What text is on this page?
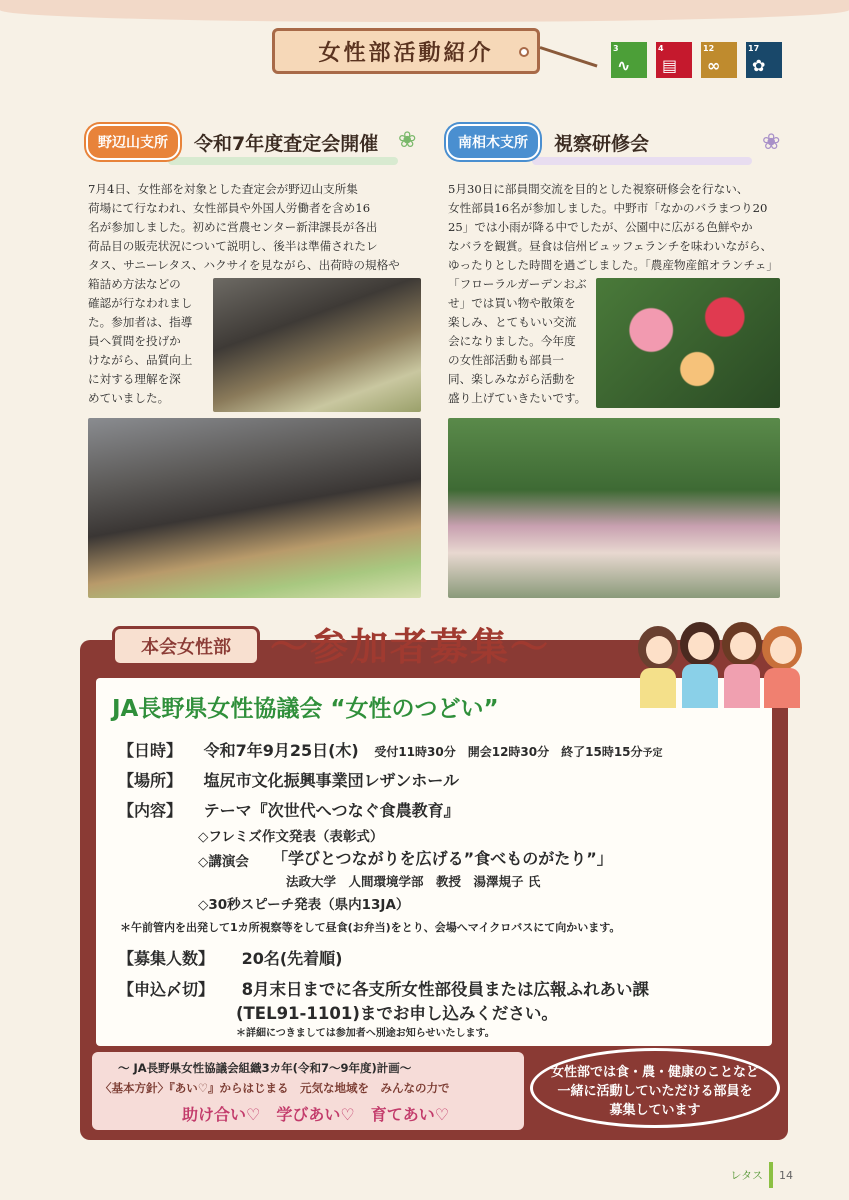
女性部活動紹介	3
∿
4
▤
12
∞
17
✿
野辺山支所	令和7年度査定会開催 ❀
7月4日、女性部を対象とした査定会が野辺山支所集
荷場にて行なわれ、女性部員や外国人労働者を含め16
名が参加しました。初めに営農センター新津課長が各出
荷品目の販売状況について説明し、後半は準備されたレ
タス、サニーレタス、ハクサイを見ながら、出荷時の規格や
箱詰め方法などの
確認が行なわれまし
た。参加者は、指導
員へ質問を投げか
けながら、品質向上
に対する理解を深
めていました。
南相木支所	視察研修会	❀
5月30日に部員間交流を目的とした視察研修会を行ない、
女性部員16名が参加しました。中野市「なかのバラまつり20
25」では小雨が降る中でしたが、公園中に広がる色鮮やか
なバラを観賞。昼食は信州ビュッフェランチを味わいながら、
ゆったりとした時間を過ごしました。「農産物産館オランチェ」
「フローラルガーデンおぶ
せ」では買い物や散策を
楽しみ、とてもいい交流
会になりました。今年度
の女性部活動も部員一
同、楽しみながら活動を
盛り上げていきたいです。
本会女性部	〜参加者募集〜
JA長野県女性協議会 “女性のつどい”
【日時】 令和7年9月25日(木) 受付11時30分　開会12時30分　終了15時15分予定
【場所】 塩尻市文化振興事業団レザンホール
【内容】 テーマ『次世代へつなぐ食農教育』
◇フレミズ作文発表（表彰式）
◇講演会 「学びとつながりを広げる”食べものがたり”」
法政大学　人間環境学部　教授　湯澤規子 氏
◇30秒スピーチ発表（県内13JA）
＊午前管内を出発して1カ所視察等をして昼食(お弁当)をとり、会場へマイクロバスにて向かいます。
【募集人数】 20名(先着順)
【申込〆切】 8月末日までに各支所女性部役員または広報ふれあい課
(TEL91-1101)までお申し込みください。
＊詳細につきましては参加者へ別途お知らせいたします。
〜 JA長野県女性協議会組織3カ年(令和7〜9年度)計画〜
〈基本方針〉『あい♡』からはじまる　元気な地域を　みんなの力で
助け合い♡　学びあい♡　育てあい♡
女性部では食・農・健康のことなど
一緒に活動していただける部員を
募集しています
レタス 14
